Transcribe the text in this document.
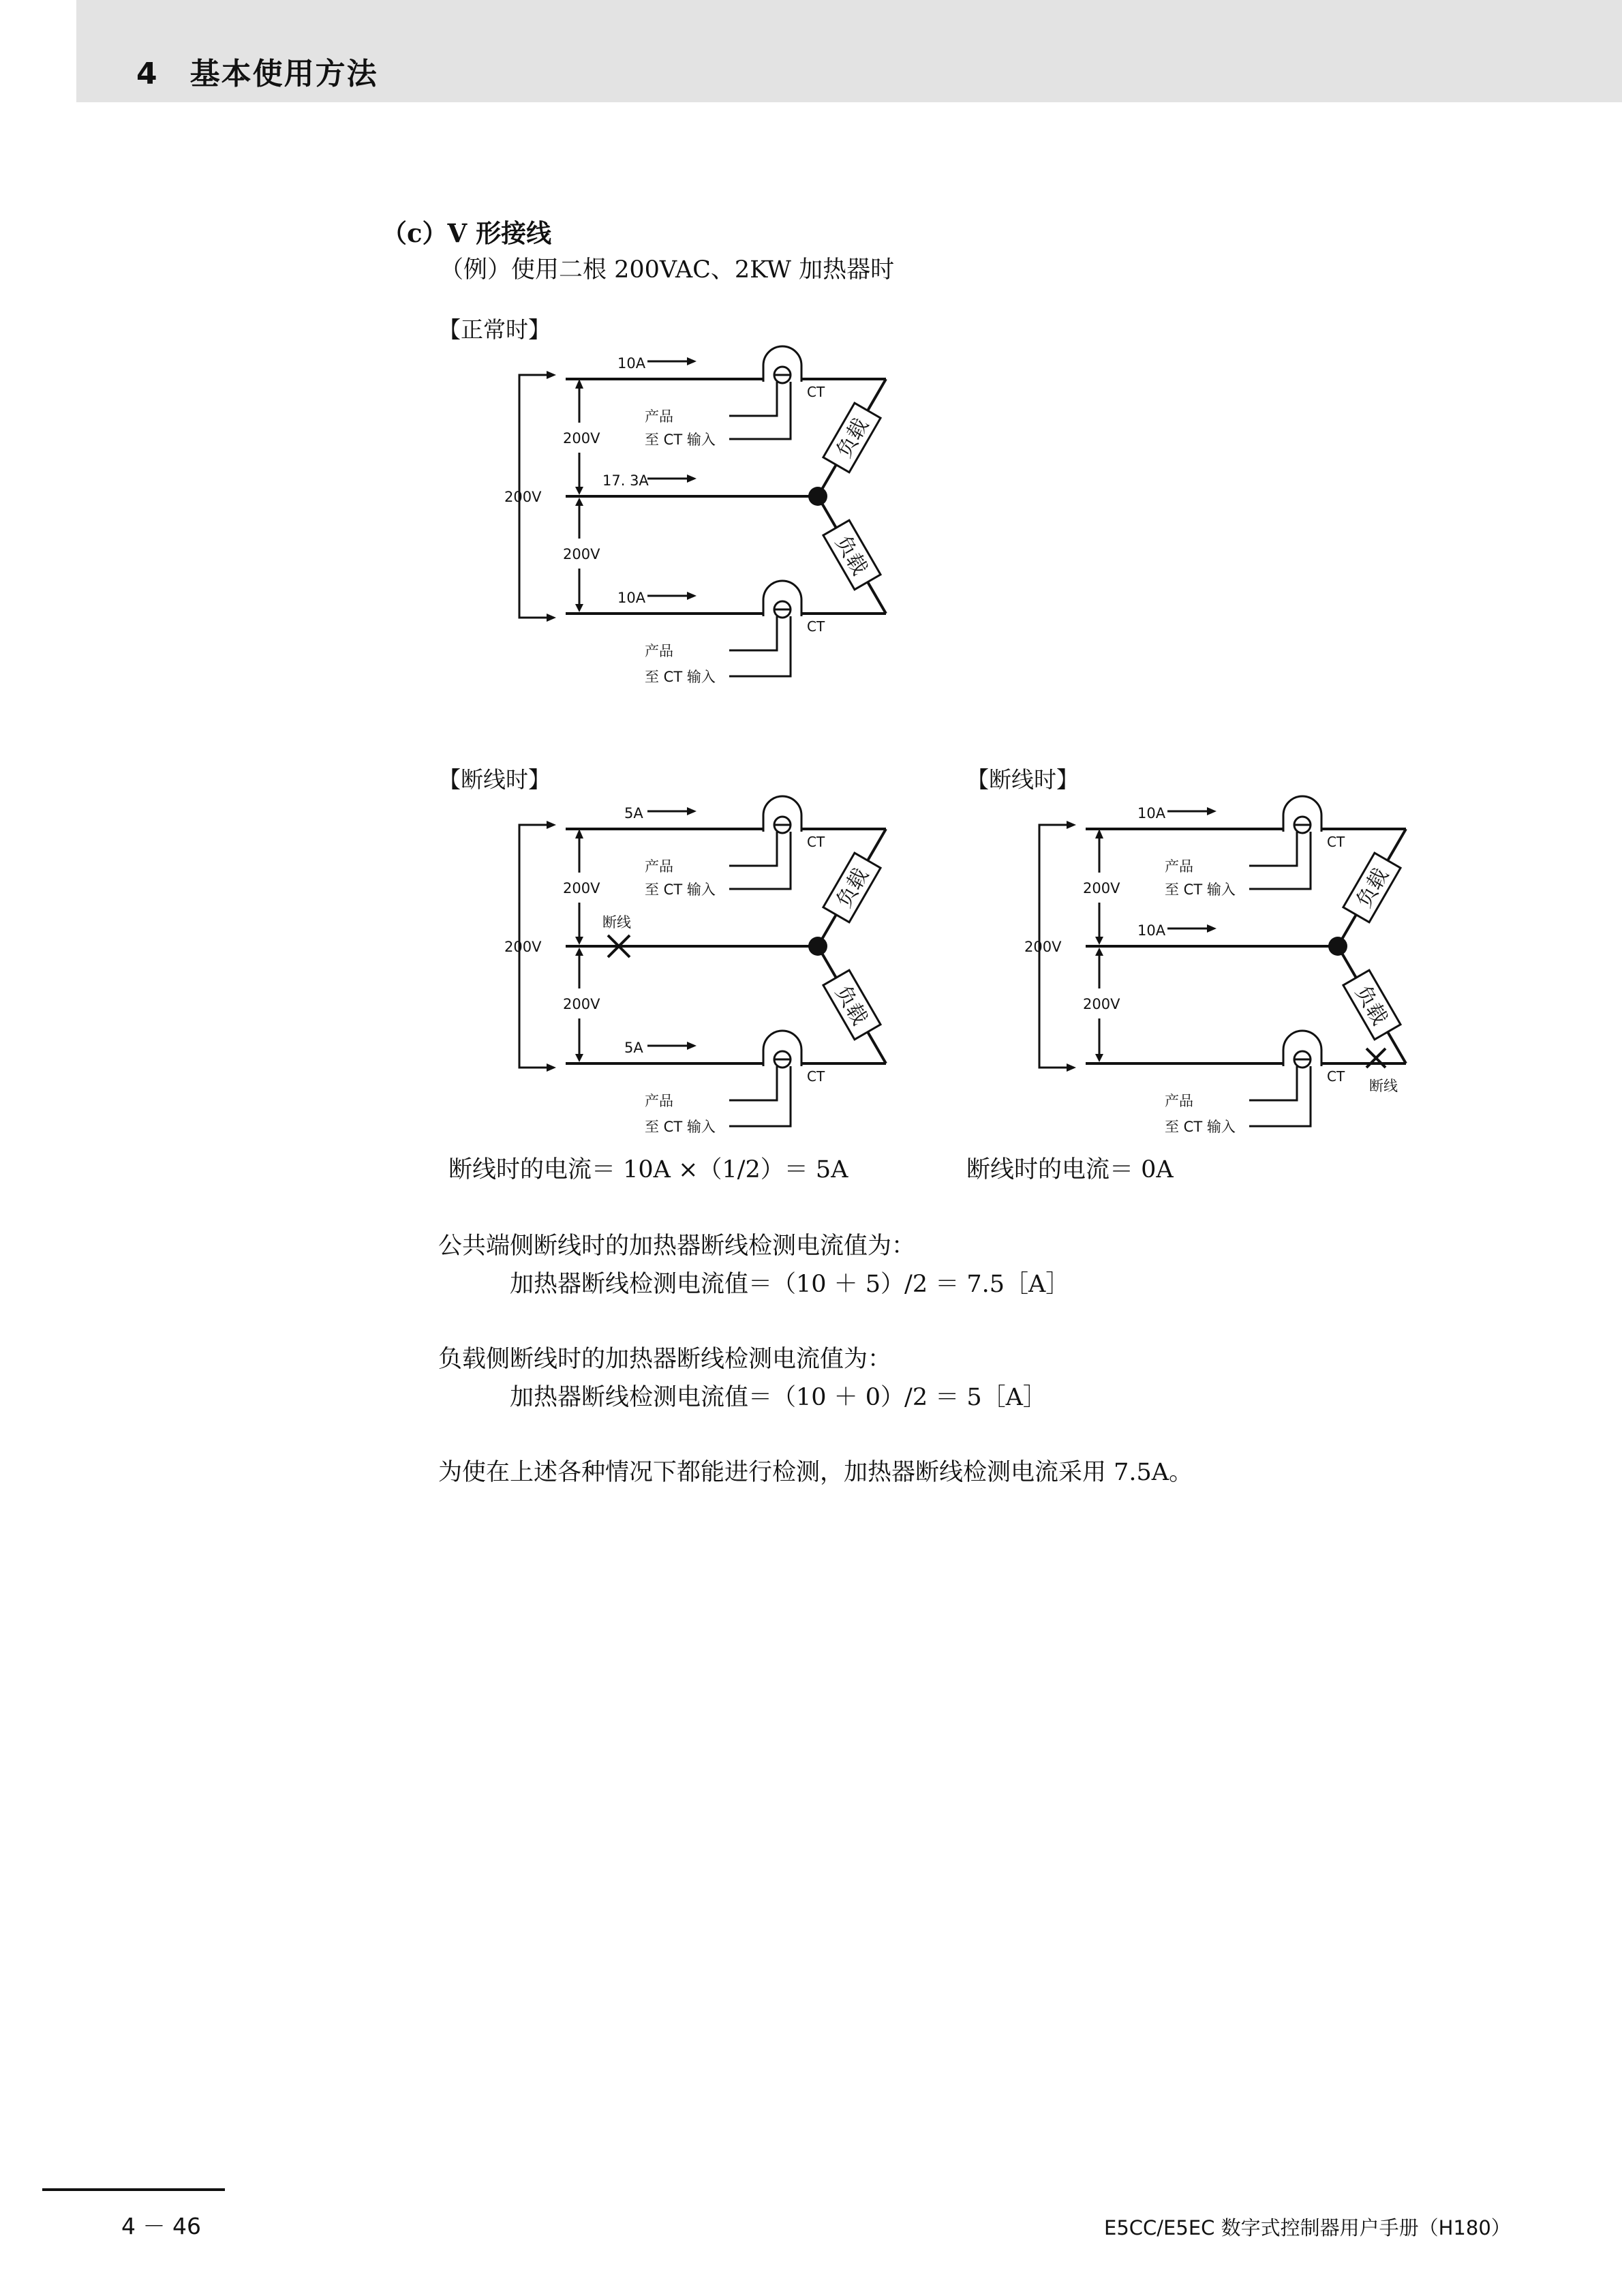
4　基本使用方法
（c）V 形接线
（例）使用二根 200VAC、2KW 加热器时
【正常时】
【断线时】	【断线时】
负载
负载
10A
17. 3A
10A
200V
200V
200V
CT
CT
产品
至 CT 输入
产品
至 CT 输入
负载
负载
5A
5A
断线
200V
200V
200V
CT
CT
产品
至 CT 输入
产品
至 CT 输入
负载
负载
10A
10A
断线
200V
200V
200V
CT
CT
产品
至 CT 输入
产品
至 CT 输入
断线时的电流＝ 10A ×（1/2）＝ 5A	断线时的电流＝ 0A
公共端侧断线时的加热器断线检测电流值为：
加热器断线检测电流值＝（10 ＋ 5）/2 ＝ 7.5［A］
负载侧断线时的加热器断线检测电流值为：
加热器断线检测电流值＝（10 ＋ 0）/2 ＝ 5［A］
为使在上述各种情况下都能进行检测，加热器断线检测电流采用 7.5A。
4 － 46	E5CC/E5EC 数字式控制器用户手册（H180）
